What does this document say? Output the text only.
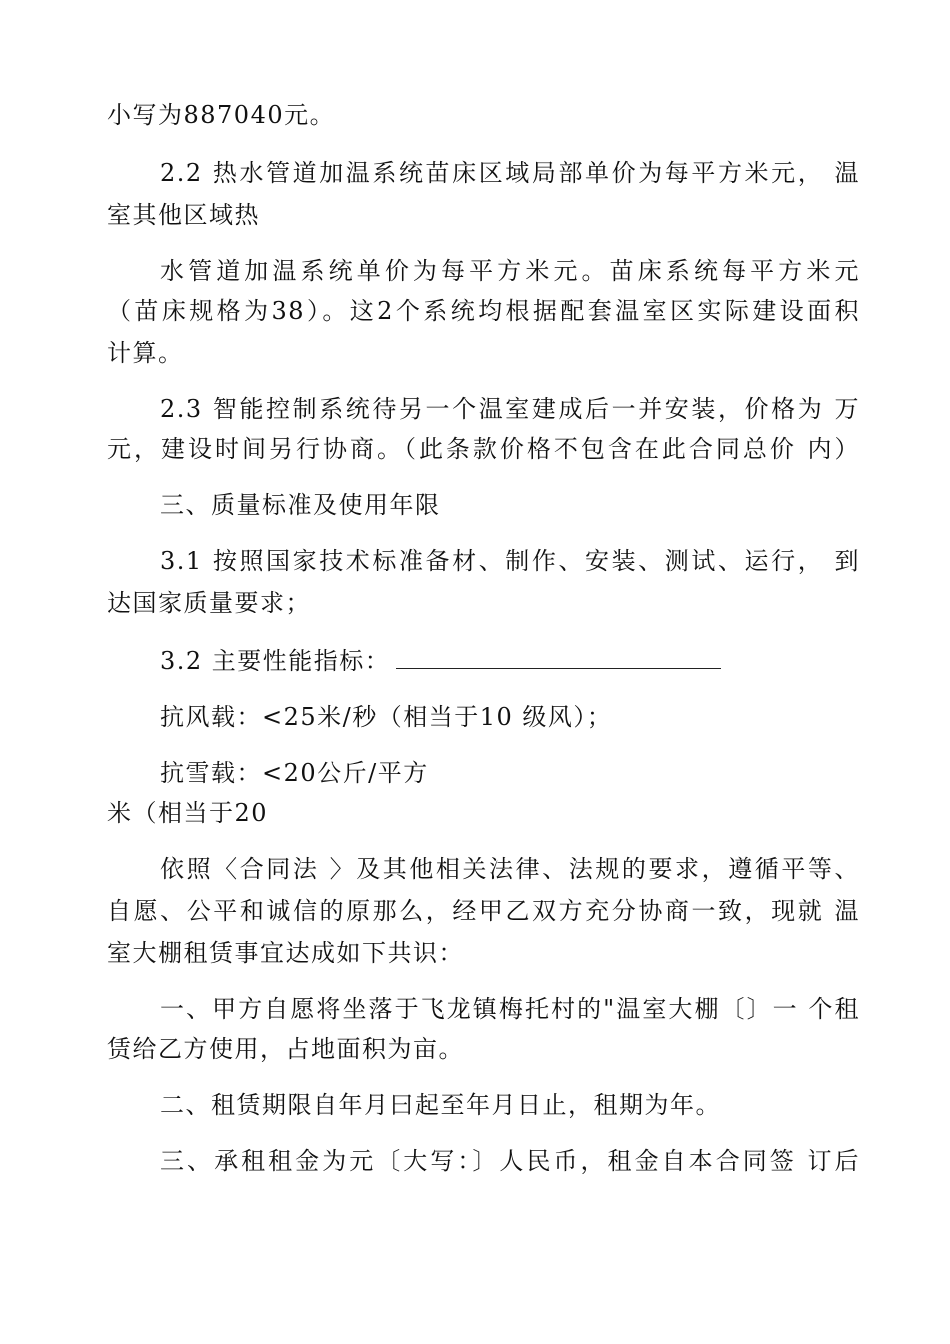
小写为887040元。
2.2 热水管道加温系统苗床区域局部单价为每平方米元， 温
室其他区域热
水管道加温系统单价为每平方米元。苗床系统每平方米元
（苗床规格为38）。这2个系统均根据配套温室区实际建设面积
计算。
2.3 智能控制系统待另一个温室建成后一并安装，价格为 万
元，建设时间另行协商。（此条款价格不包含在此合同总价 内）
三、质量标准及使用年限
3.1 按照国家技术标准备材、制作、安装、测试、运行， 到
达国家质量要求；
3.2 主要性能指标：
抗风载：<25米/秒（相当于10 级风）；
抗雪载：<20公斤/平方
米（相当于20
依照〈合同法 〉及其他相关法律、法规的要求，遵循平等、
自愿、公平和诚信的原那么，经甲乙双方充分协商一致，现就 温
室大棚租赁事宜达成如下共识：
一、甲方自愿将坐落于飞龙镇梅托村的"温室大棚〔〕一 个租
赁给乙方使用，占地面积为亩。
二、租赁期限自年月曰起至年月日止，租期为年。
三、承租租金为元〔大写：〕人民币，租金自本合同签 订后
